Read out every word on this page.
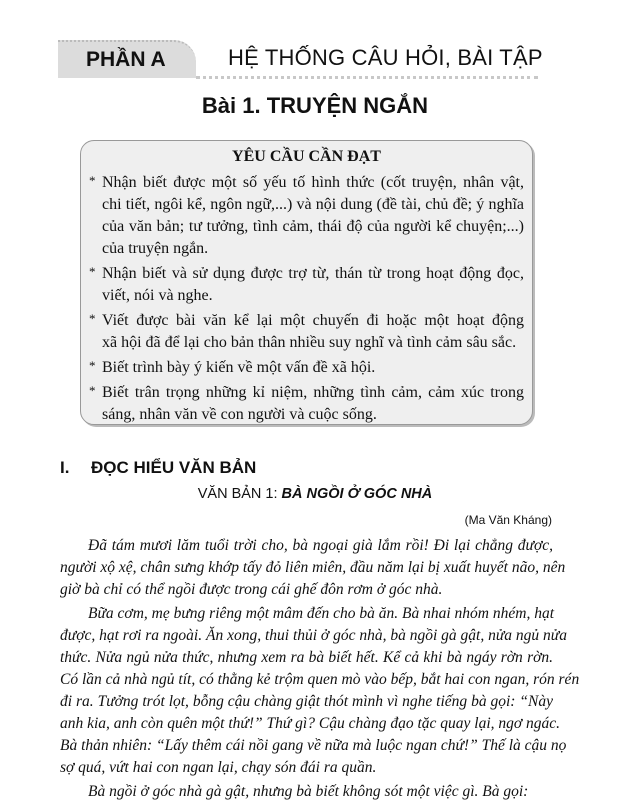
PHẦN A	HỆ THỐNG CÂU HỎI, BÀI TẬP
Bài 1. TRUYỆN NGẮN
YÊU CẦU CẦN ĐẠT
* Nhận biết được một số yếu tố hình thức (cốt truyện, nhân vật,
chi tiết, ngôi kể, ngôn ngữ,...) và nội dung (đề tài, chủ đề; ý nghĩa
của văn bản; tư tưởng, tình cảm, thái độ của người kể chuyện;...)
của truyện ngắn.
* Nhận biết và sử dụng được trợ từ, thán từ trong hoạt động đọc,
viết, nói và nghe.
* Viết được bài văn kể lại một chuyến đi hoặc một hoạt động
xã hội đã để lại cho bản thân nhiều suy nghĩ và tình cảm sâu sắc.
* Biết trình bày ý kiến về một vấn đề xã hội.
* Biết trân trọng những kỉ niệm, những tình cảm, cảm xúc trong
sáng, nhân văn về con người và cuộc sống.
I. ĐỌC HIỂU VĂN BẢN
VĂN BẢN 1: BÀ NGỒI Ở GÓC NHÀ
(Ma Văn Kháng)
Đã tám mươi lăm tuổi trời cho, bà ngoại già lắm rồi! Đi lại chẳng được,
người xộ xệ, chân sưng khớp tấy đỏ liên miên, đầu năm lại bị xuất huyết não, nên
giờ bà chỉ có thể ngồi được trong cái ghế đôn rơm ở góc nhà.
Bữa cơm, mẹ bưng riêng một mâm đến cho bà ăn. Bà nhai nhóm nhém, hạt
được, hạt rơi ra ngoài. Ăn xong, thui thủi ở góc nhà, bà ngồi gà gật, nửa ngủ nửa
thức. Nửa ngủ nửa thức, nhưng xem ra bà biết hết. Kể cả khi bà ngáy rờn rờn.
Có lần cả nhà ngủ tít, có thằng kẻ trộm quen mò vào bếp, bắt hai con ngan, rón rén
đi ra. Tưởng trót lọt, bỗng cậu chàng giật thót mình vì nghe tiếng bà gọi: “Này
anh kia, anh còn quên một thứ!” Thứ gì? Cậu chàng đạo tặc quay lại, ngơ ngác.
Bà thản nhiên: “Lấy thêm cái nồi gang về nữa mà luộc ngan chứ!” Thế là cậu nọ
sợ quá, vứt hai con ngan lại, chạy són đái ra quần.
Bà ngồi ở góc nhà gà gật, nhưng bà biết không sót một việc gì. Bà gọi:
